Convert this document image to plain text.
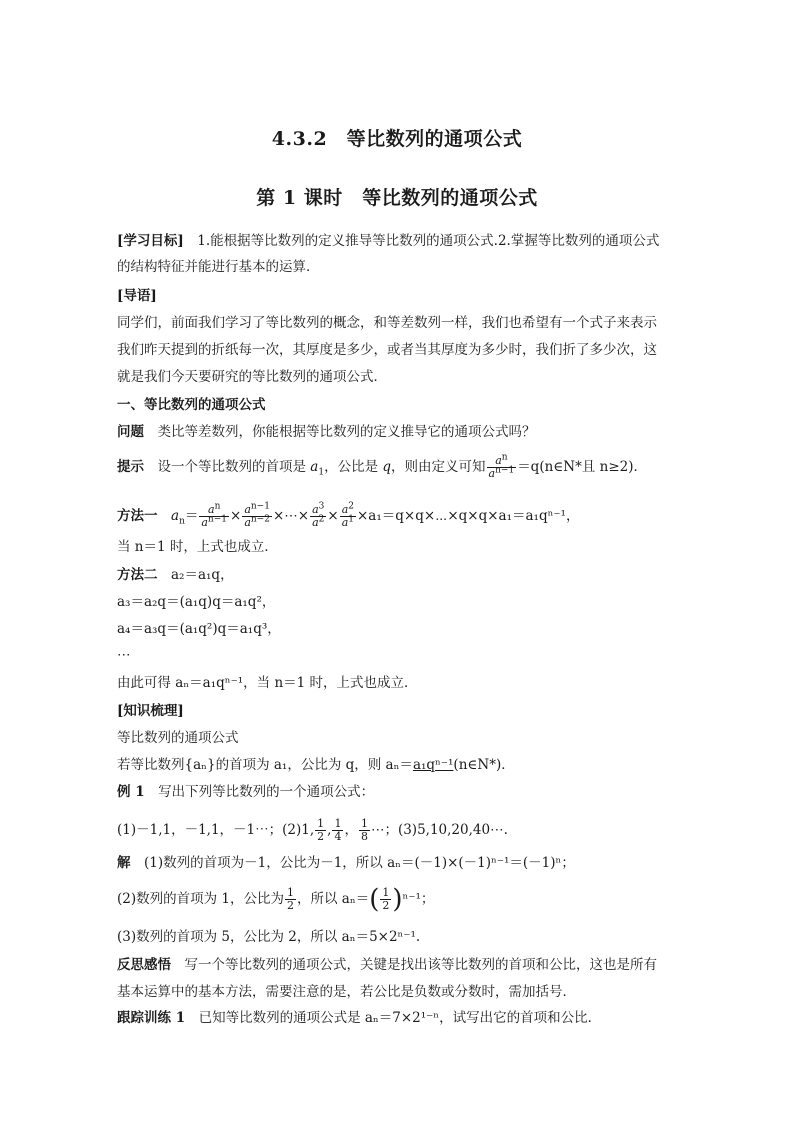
4.3.2　等比数列的通项公式
第 1 课时　等比数列的通项公式
[学习目标]　1.能根据等比数列的定义推导等比数列的通项公式.2.掌握等比数列的通项公式
的结构特征并能进行基本的运算．
[导语]
同学们，前面我们学习了等比数列的概念，和等差数列一样，我们也希望有一个式子来表示
我们昨天提到的折纸每一次，其厚度是多少，或者当其厚度为多少时，我们折了多少次，这
就是我们今天要研究的等比数列的通项公式．
一、等比数列的通项公式
问题　类比等差数列，你能根据等比数列的定义推导它的通项公式吗？
提示　设一个等比数列的首项是 $a_1$，公比是 q，则由定义可知 $\frac{a^n}{a^{n-1}}$ ＝q(n∈N*且 n≥2)．
方法一　 $a_n= \frac{a^n}{a^{n-1}} \times \frac{a^{n-1}}{a^{n-2}}$ ×⋯× $\frac{a^3}{a^2} \times \frac{a^2}{a^1}$ ×a₁＝q×q×⋯×q×q×a₁＝a₁qⁿ⁻¹，
当 n＝1 时，上式也成立．
方法二　a₂＝a₁q，
a₃＝a₂q＝(a₁q)q＝a₁q²，
a₄＝a₃q＝(a₁q²)q＝a₁q³，
⋯
由此可得 aₙ＝a₁qⁿ⁻¹，当 n＝1 时，上式也成立．
[知识梳理]
等比数列的通项公式
若等比数列{aₙ}的首项为 a₁，公比为 q，则 aₙ＝a₁qⁿ⁻¹(n∈N*)．
例 1　写出下列等比数列的一个通项公式：
(1)－1,1，－1,1，－1⋯；(2)1, $\frac{1}{2}$ , $\frac{1}{4}$ ， $\frac{1}{8}$ ⋯；(3)5,10,20,40⋯.
解　(1)数列的首项为－1，公比为－1，所以 aₙ＝(－1)×(－1)ⁿ⁻¹＝(－1)ⁿ；
(2)数列的首项为 1，公比为 $\frac{1}{2}$ ，所以 $a_n=( \frac{1}{2} )^{n-1}$；
(3)数列的首项为 5，公比为 2，所以 aₙ＝5×2ⁿ⁻¹.
反思感悟　写一个等比数列的通项公式，关键是找出该等比数列的首项和公比，这也是所有
基本运算中的基本方法，需要注意的是，若公比是负数或分数时，需加括号．
跟踪训练 1　已知等比数列的通项公式是 aₙ＝7×2¹⁻ⁿ，试写出它的首项和公比．
